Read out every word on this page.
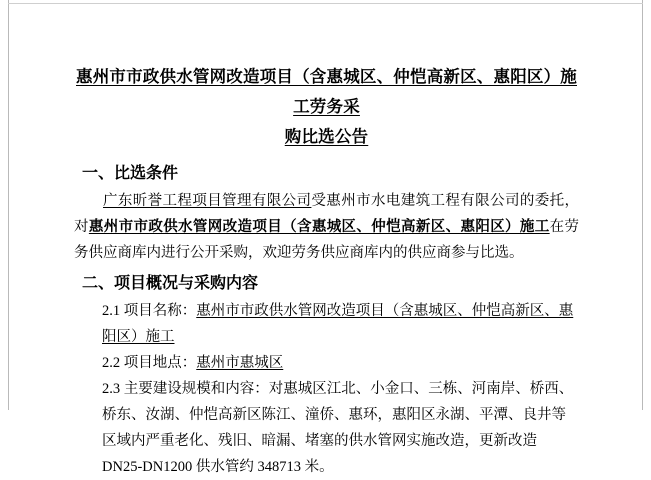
惠州市市政供水管网改造项目（含惠城区、仲恺高新区、惠阳区）施工劳务采
购比选公告
一、比选条件

广东昕誉工程项目管理有限公司受惠州市水电建筑工程有限公司的委托，对惠州市市政供水管网改造项目（含惠城区、仲恺高新区、惠阳区）施工在劳务供应商库内进行公开采购，欢迎劳务供应商库内的供应商参与比选。

二、项目概况与采购内容

2.1 项目名称：惠州市市政供水管网改造项目（含惠城区、仲恺高新区、惠阳区）施工

2.2 项目地点：惠州市惠城区

2.3 主要建设规模和内容：对惠城区江北、小金口、三栋、河南岸、桥西、桥东、汝湖、仲恺高新区陈江、潼侨、惠环，惠阳区永湖、平潭、良井等区域内严重老化、残旧、暗漏、堵塞的供水管网实施改造，更新改造 DN25-DN1200 供水管约 348713 米。
